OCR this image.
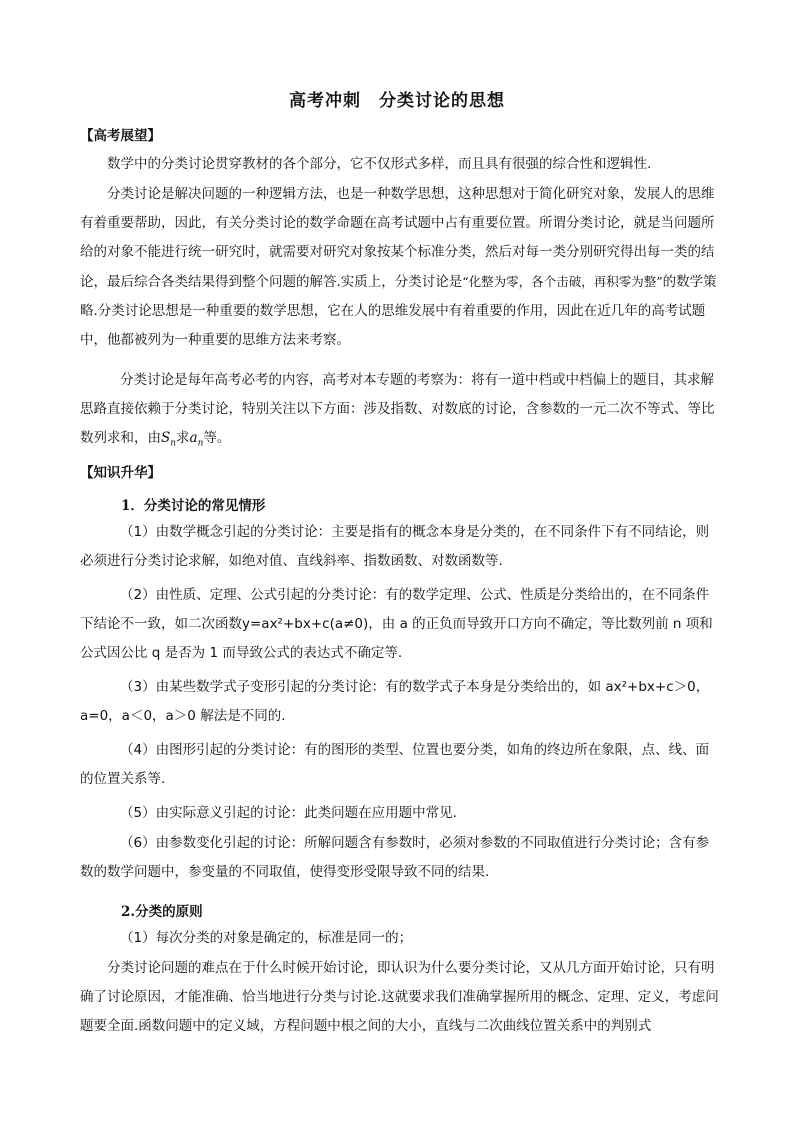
高考冲刺 分类讨论的思想
【高考展望】
数学中的分类讨论贯穿教材的各个部分，它不仅形式多样，而且具有很强的综合性和逻辑性.
分类讨论是解决问题的一种逻辑方法，也是一种数学思想，这种思想对于简化研究对象，发展人的思维有着重要帮助，因此，有关分类讨论的数学命题在高考试题中占有重要位置。所谓分类讨论，就是当问题所给的对象不能进行统一研究时，就需要对研究对象按某个标准分类，然后对每一类分别研究得出每一类的结论，最后综合各类结果得到整个问题的解答.实质上，分类讨论是“化整为零，各个击破，再积零为整”的数学策略.分类讨论思想是一种重要的数学思想，它在人的思维发展中有着重要的作用，因此在近几年的高考试题中，他都被列为一种重要的思维方法来考察。
分类讨论是每年高考必考的内容，高考对本专题的考察为：将有一道中档或中档偏上的题目，其求解思路直接依赖于分类讨论，特别关注以下方面：涉及指数、对数底的讨论，含参数的一元二次不等式、等比数列求和，由$S_n$求$a_n$等。
【知识升华】
1．分类讨论的常见情形
（1）由数学概念引起的分类讨论：主要是指有的概念本身是分类的，在不同条件下有不同结论，则必须进行分类讨论求解，如绝对值、直线斜率、指数函数、对数函数等.
（2）由性质、定理、公式引起的分类讨论：有的数学定理、公式、性质是分类给出的，在不同条件下结论不一致，如二次函数y=ax²+bx+c(a≠0)，由 a 的正负而导致开口方向不确定，等比数列前 n 项和公式因公比 q 是否为 1 而导致公式的表达式不确定等.
（3）由某些数学式子变形引起的分类讨论：有的数学式子本身是分类给出的，如 ax²+bx+c＞0，a=0，a＜0，a＞0 解法是不同的.
（4）由图形引起的分类讨论：有的图形的类型、位置也要分类，如角的终边所在象限，点、线、面的位置关系等.
（5）由实际意义引起的讨论：此类问题在应用题中常见.
（6）由参数变化引起的讨论：所解问题含有参数时，必须对参数的不同取值进行分类讨论；含有参数的数学问题中，参变量的不同取值，使得变形受限导致不同的结果.
2.分类的原则
（1）每次分类的对象是确定的，标准是同一的；
分类讨论问题的难点在于什么时候开始讨论，即认识为什么要分类讨论，又从几方面开始讨论，只有明确了讨论原因，才能准确、恰当地进行分类与讨论.这就要求我们准确掌握所用的概念、定理、定义，考虑问题要全面.函数问题中的定义域，方程问题中根之间的大小，直线与二次曲线位置关系中的判别式
